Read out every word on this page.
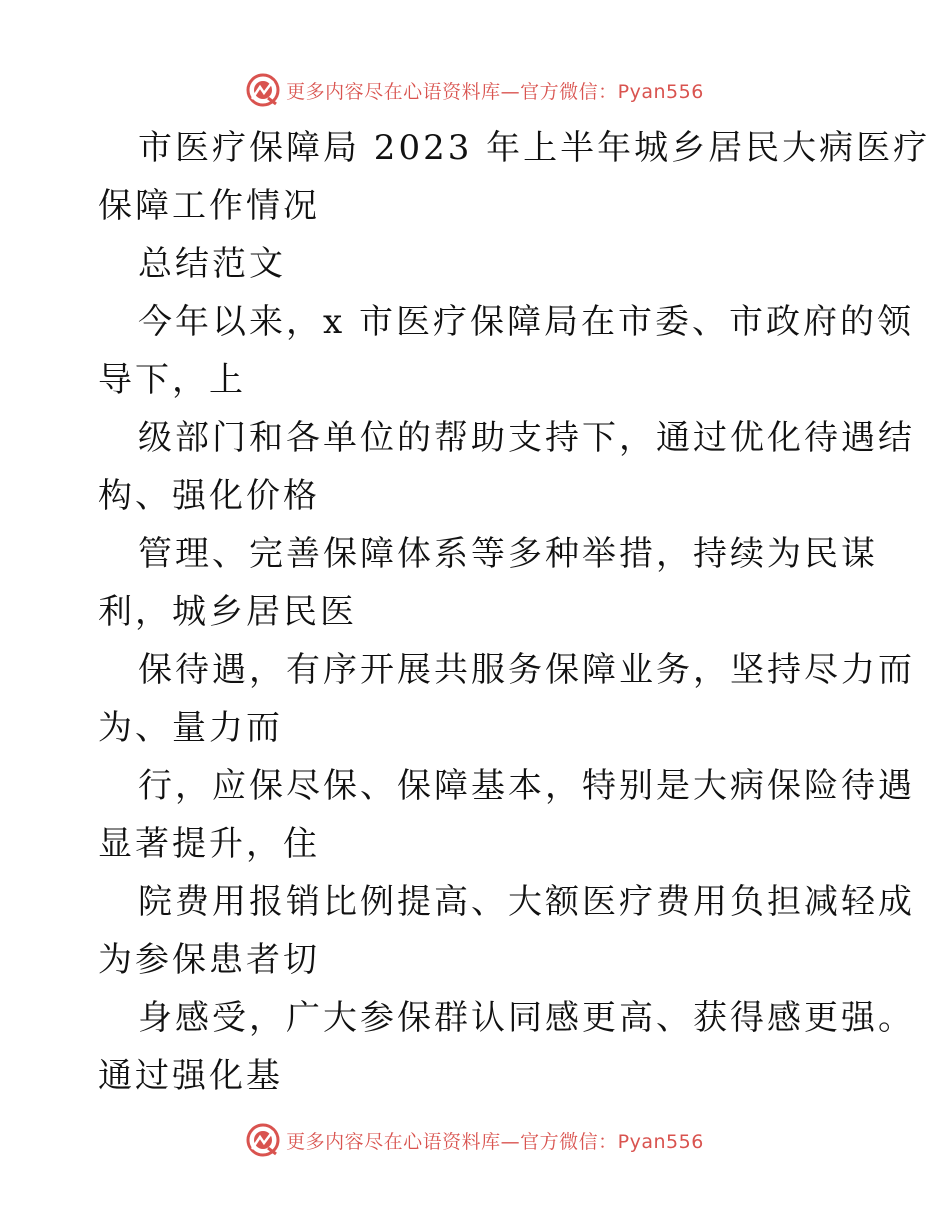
更多内容尽在心语资料库—官方微信：Pyan556
市医疗保障局 2023 年上半年城乡居民大病医疗
保障工作情况
总结范文
今年以来，x 市医疗保障局在市委、市政府的领
导下，上
级部门和各单位的帮助支持下，通过优化待遇结
构、强化价格
管理、完善保障体系等多种举措，持续为民谋
利，城乡居民医
保待遇，有序开展共服务保障业务，坚持尽力而
为、量力而
行，应保尽保、保障基本，特别是大病保险待遇
显著提升，住
院费用报销比例提高、大额医疗费用负担减轻成
为参保患者切
身感受，广大参保群认同感更高、获得感更强。
通过强化基
更多内容尽在心语资料库—官方微信：Pyan556
